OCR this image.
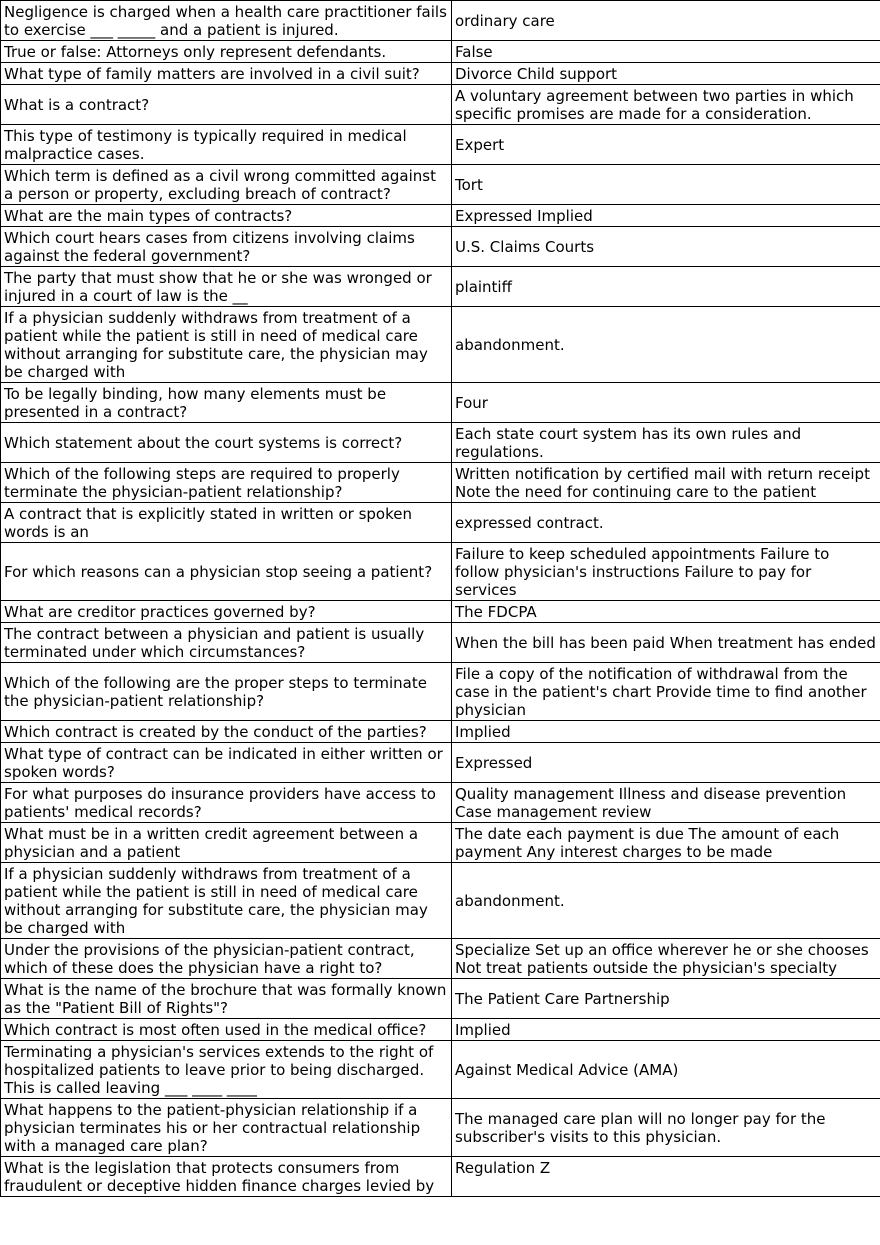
Negligence is charged when a health care practitioner fails to exercise ___ _____ and a patient is injured.	ordinary care
True or false: Attorneys only represent defendants.	False
What type of family matters are involved in a civil suit?	Divorce Child support
What is a contract?	A voluntary agreement between two parties in which specific promises are made for a consideration.
This type of testimony is typically required in medical malpractice cases.	Expert
Which term is defined as a civil wrong committed against a person or property, excluding breach of contract?	Tort
What are the main types of contracts?	Expressed Implied
Which court hears cases from citizens involving claims against the federal government?	U.S. Claims Courts
The party that must show that he or she was wronged or injured in a court of law is the __	plaintiff
If a physician suddenly withdraws from treatment of a patient while the patient is still in need of medical care without arranging for substitute care, the physician may be charged with	abandonment.
To be legally binding, how many elements must be presented in a contract?	Four
Which statement about the court systems is correct?	Each state court system has its own rules and regulations.
Which of the following steps are required to properly terminate the physician-patient relationship?	Written notification by certified mail with return receipt Note the need for continuing care to the patient
A contract that is explicitly stated in written or spoken words is an	expressed contract.
For which reasons can a physician stop seeing a patient?	Failure to keep scheduled appointments Failure to follow physician's instructions Failure to pay for services
What are creditor practices governed by?	The FDCPA
The contract between a physician and patient is usually terminated under which circumstances?	When the bill has been paid When treatment has ended
Which of the following are the proper steps to terminate the physician-patient relationship?	File a copy of the notification of withdrawal from the case in the patient's chart Provide time to find another physician
Which contract is created by the conduct of the parties?	Implied
What type of contract can be indicated in either written or spoken words?	Expressed
For what purposes do insurance providers have access to patients' medical records?	Quality management Illness and disease prevention Case management review
What must be in a written credit agreement between a physician and a patient	The date each payment is due The amount of each payment Any interest charges to be made
If a physician suddenly withdraws from treatment of a patient while the patient is still in need of medical care without arranging for substitute care, the physician may be charged with	abandonment.
Under the provisions of the physician-patient contract, which of these does the physician have a right to?	Specialize Set up an office wherever he or she chooses Not treat patients outside the physician's specialty
What is the name of the brochure that was formally known as the "Patient Bill of Rights"?	The Patient Care Partnership
Which contract is most often used in the medical office?	Implied
Terminating a physician's services extends to the right of hospitalized patients to leave prior to being discharged. This is called leaving ___ ____ ____	Against Medical Advice (AMA)
What happens to the patient-physician relationship if a physician terminates his or her contractual relationship with a managed care plan?	The managed care plan will no longer pay for the subscriber's visits to this physician.
What is the legislation that protects consumers from fraudulent or deceptive hidden finance charges levied by	Regulation Z
